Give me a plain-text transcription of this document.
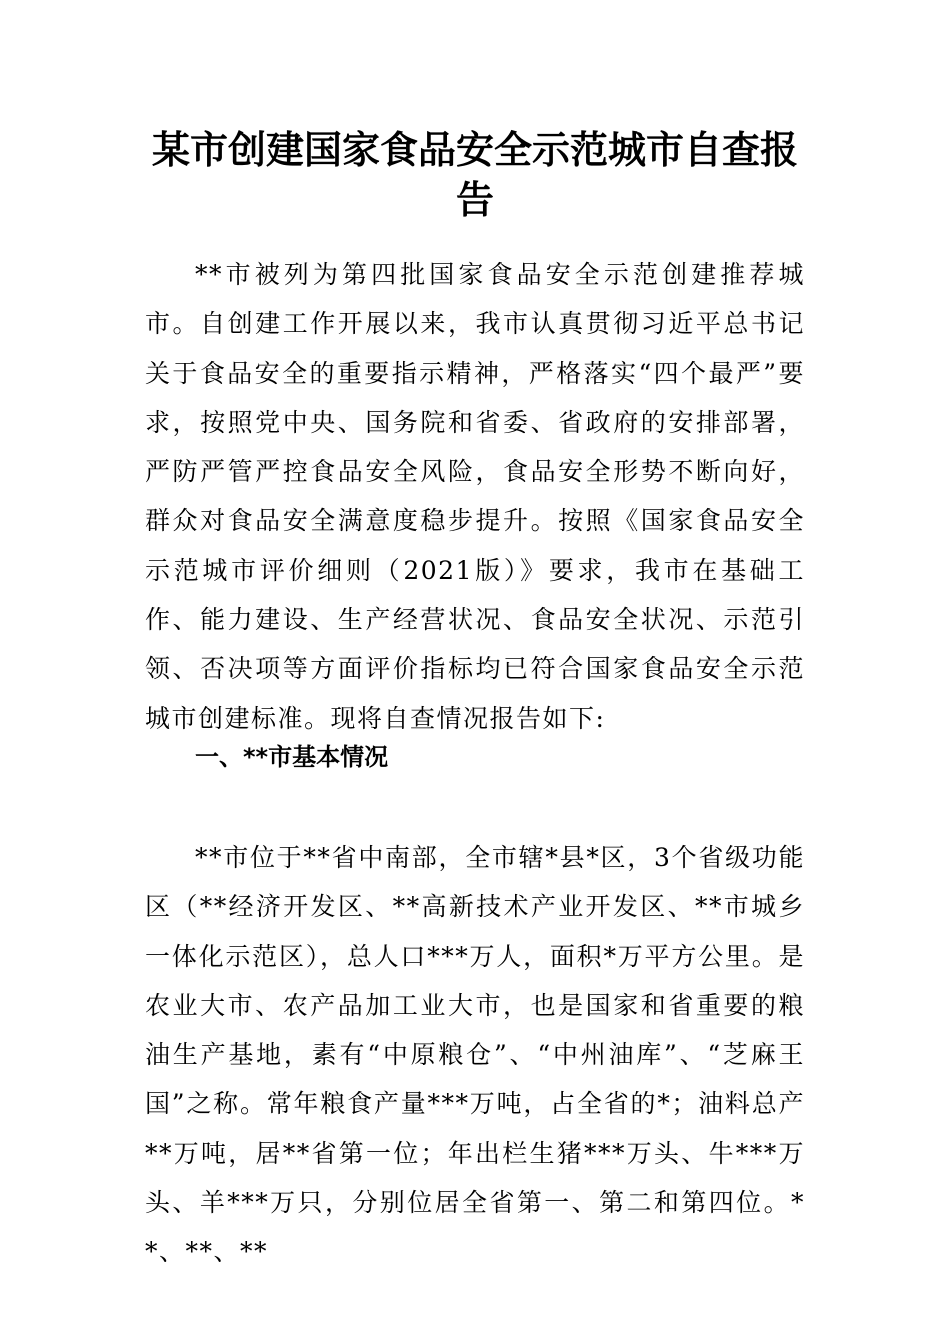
某市创建国家食品安全示范城市自查报告

**市被列为第四批国家食品安全示范创建推荐城市。自创建工作开展以来，我市认真贯彻习近平总书记关于食品安全的重要指示精神，严格落实“四个最严”要求，按照党中央、国务院和省委、省政府的安排部署，严防严管严控食品安全风险，食品安全形势不断向好，群众对食品安全满意度稳步提升。按照《国家食品安全示范城市评价细则（2021版）》要求，我市在基础工作、能力建设、生产经营状况、食品安全状况、示范引领、否决项等方面评价指标均已符合国家食品安全示范城市创建标准。现将自查情况报告如下:

一、**市基本情况

**市位于**省中南部，全市辖*县*区，3个省级功能区（**经济开发区、**高新技术产业开发区、**市城乡一体化示范区），总人口***万人，面积*万平方公里。是农业大市、农产品加工业大市，也是国家和省重要的粮油生产基地，素有“中原粮仓”、“中州油库”、“芝麻王国”之称。常年粮食产量***万吨，占全省的*；油料总产**万吨，居**省第一位；年出栏生猪***万头、牛***万头、羊***万只，分别位居全省第一、第二和第四位。**、**、**
